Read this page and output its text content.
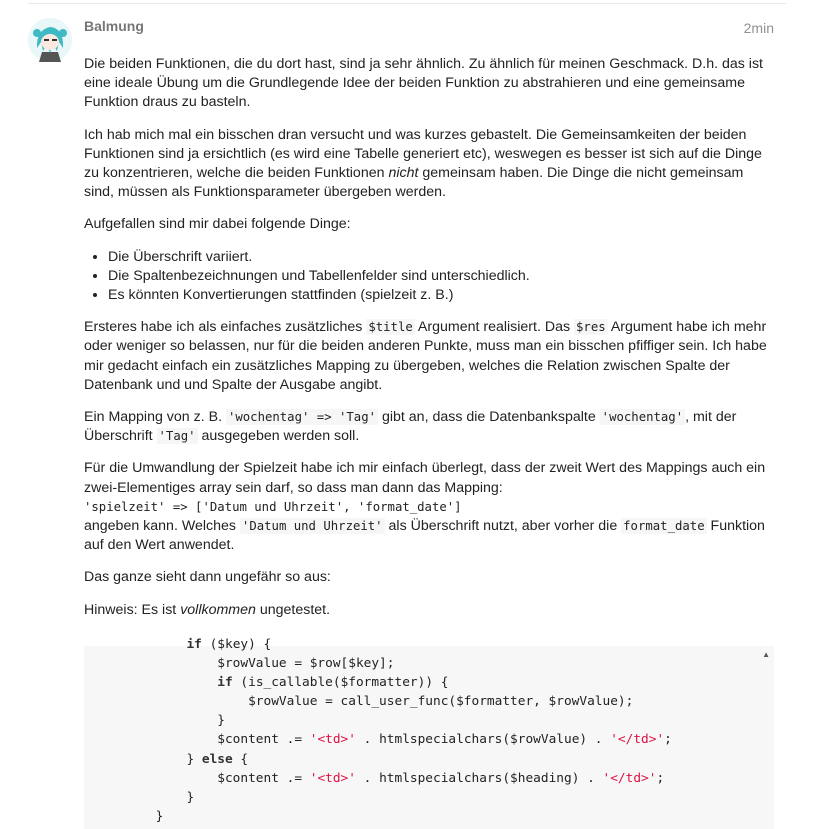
Balmung	2min

Die beiden Funktionen, die du dort hast, sind ja sehr ähnlich. Zu ähnlich für meinen Geschmack. D.h. das ist eine ideale Übung um die Grundlegende Idee der beiden Funktion zu abstrahieren und eine gemeinsame Funktion draus zu basteln.

Ich hab mich mal ein bisschen dran versucht und was kurzes gebastelt. Die Gemeinsamkeiten der beiden Funktionen sind ja ersichtlich (es wird eine Tabelle generiert etc), weswegen es besser ist sich auf die Dinge zu konzentrieren, welche die beiden Funktionen nicht gemeinsam haben. Die Dinge die nicht gemeinsam sind, müssen als Funktionsparameter übergeben werden.

Aufgefallen sind mir dabei folgende Dinge:

• Die Überschrift variiert.
• Die Spaltenbezeichnungen und Tabellenfelder sind unterschiedlich.
• Es könnten Konvertierungen stattfinden (spielzeit z. B.)

Ersteres habe ich als einfaches zusätzliches $title Argument realisiert. Das $res Argument habe ich mehr oder weniger so belassen, nur für die beiden anderen Punkte, muss man ein bisschen pfiffiger sein. Ich habe mir gedacht einfach ein zusätzliches Mapping zu übergeben, welches die Relation zwischen Spalte der Datenbank und und Spalte der Ausgabe angibt.

Ein Mapping von z. B. 'wochentag' => 'Tag' gibt an, dass die Datenbankspalte 'wochentag' , mit der Überschrift 'Tag' ausgegeben werden soll.

Für die Umwandlung der Spielzeit habe ich mir einfach überlegt, dass der zweit Wert des Mappings auch ein zwei-Elementiges array sein darf, so dass man dann das Mapping:
'spielzeit' => ['Datum und Uhrzeit', 'format_date']
angeben kann. Welches 'Datum und Uhrzeit' als Überschrift nutzt, aber vorher die format_date Funktion auf den Wert anwendet.

Das ganze sieht dann ungefähr so aus:

Hinweis: Es ist vollkommen ungetestet.

if ($key) {
$rowValue = $row[$key];
if (is_callable($formatter)) {
$rowValue = call_user_func($formatter, $rowValue);
}
$content .= '<td>' . htmlspecialchars($rowValue) . '</td>';
} else {
$content .= '<td>' . htmlspecialchars($heading) . '</td>';
}
}
▲
